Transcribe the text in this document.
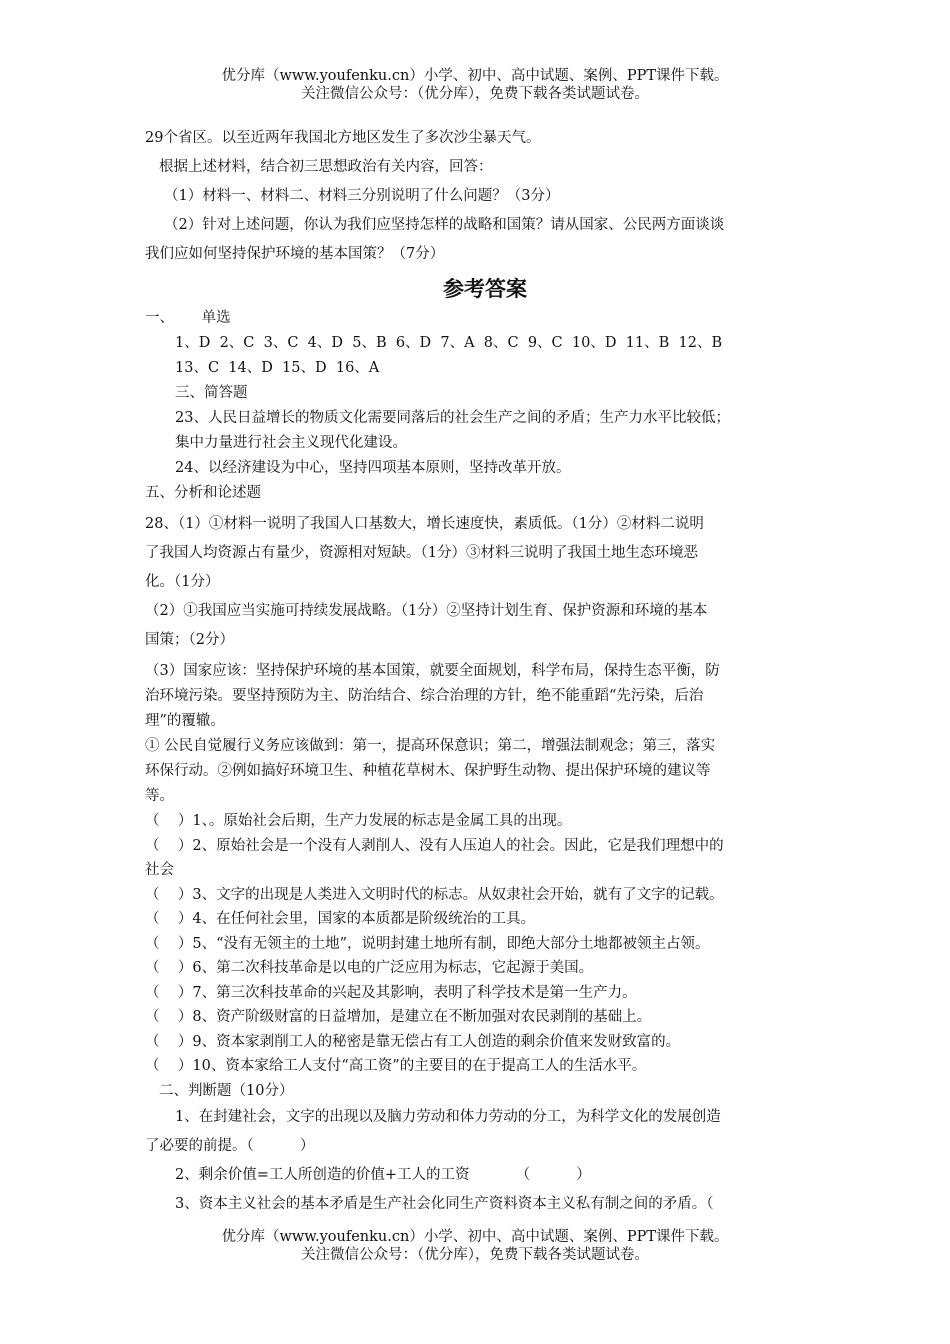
优分库（www.youfenku.cn）小学、初中、高中试题、案例、PPT课件下载。
关注微信公众号：（优分库），免费下载各类试题试卷。

29个省区。以至近两年我国北方地区发生了多次沙尘暴天气。

根据上述材料，结合初三思想政治有关内容，回答：

（1）材料一、材料二、材料三分别说明了什么问题？（3分）

（2）针对上述问题，你认为我们应坚持怎样的战略和国策？请从国家、公民两方面谈谈

我们应如何坚持保护环境的基本国策？（7分）

参考答案

一、      单选

1、D  2、C  3、C  4、D  5、B  6、D  7、A  8、C  9、C  10、D  11、B  12、B

13、C  14、D  15、D  16、A

三、简答题

23、人民日益增长的物质文化需要同落后的社会生产之间的矛盾；生产力水平比较低；

集中力量进行社会主义现代化建设。

24、以经济建设为中心，坚持四项基本原则，坚持改革开放。

五、分析和论述题

28、（1）①材料一说明了我国人口基数大，增长速度快，素质低。（1分）②材料二说明

了我国人均资源占有量少，资源相对短缺。（1分）③材料三说明了我国土地生态环境恶

化。（1分）

（2）①我国应当实施可持续发展战略。（1分）②坚持计划生育、保护资源和环境的基本

国策；（2分）

（3）国家应该：坚持保护环境的基本国策，就要全面规划，科学布局，保持生态平衡，防

治环境污染。要坚持预防为主、防治结合、综合治理的方针，绝不能重蹈“先污染，后治

理”的覆辙。

① 公民自觉履行义务应该做到：第一，提高环保意识；第二，增强法制观念；第三，落实

环保行动。②例如搞好环境卫生、种植花草树木、保护野生动物、提出保护环境的建议等

等。

（    ）1、。原始社会后期，生产力发展的标志是金属工具的出现。

（    ）2、原始社会是一个没有人剥削人、没有人压迫人的社会。因此，它是我们理想中的

社会

（    ）3、文字的出现是人类进入文明时代的标志。从奴隶社会开始，就有了文字的记载。

（    ）4、在任何社会里，国家的本质都是阶级统治的工具。

（    ）5、“没有无领主的土地”，说明封建土地所有制，即绝大部分土地都被领主占领。

（    ）6、第二次科技革命是以电的广泛应用为标志，它起源于美国。

（    ）7、第三次科技革命的兴起及其影响，表明了科学技术是第一生产力。

（    ）8、资产阶级财富的日益增加，是建立在不断加强对农民剥削的基础上。

（    ）9、资本家剥削工人的秘密是靠无偿占有工人创造的剩余价值来发财致富的。

（    ）10、资本家给工人支付“高工资”的主要目的在于提高工人的生活水平。

二、判断题（10分）

1、在封建社会，文字的出现以及脑力劳动和体力劳动的分工，为科学文化的发展创造

了必要的前提。（          ）

2、剩余价值=工人所创造的价值+工人的工资          （          ）

3、资本主义社会的基本矛盾是生产社会化同生产资料资本主义私有制之间的矛盾。（

优分库（www.youfenku.cn）小学、初中、高中试题、案例、PPT课件下载。
关注微信公众号：（优分库），免费下载各类试题试卷。
